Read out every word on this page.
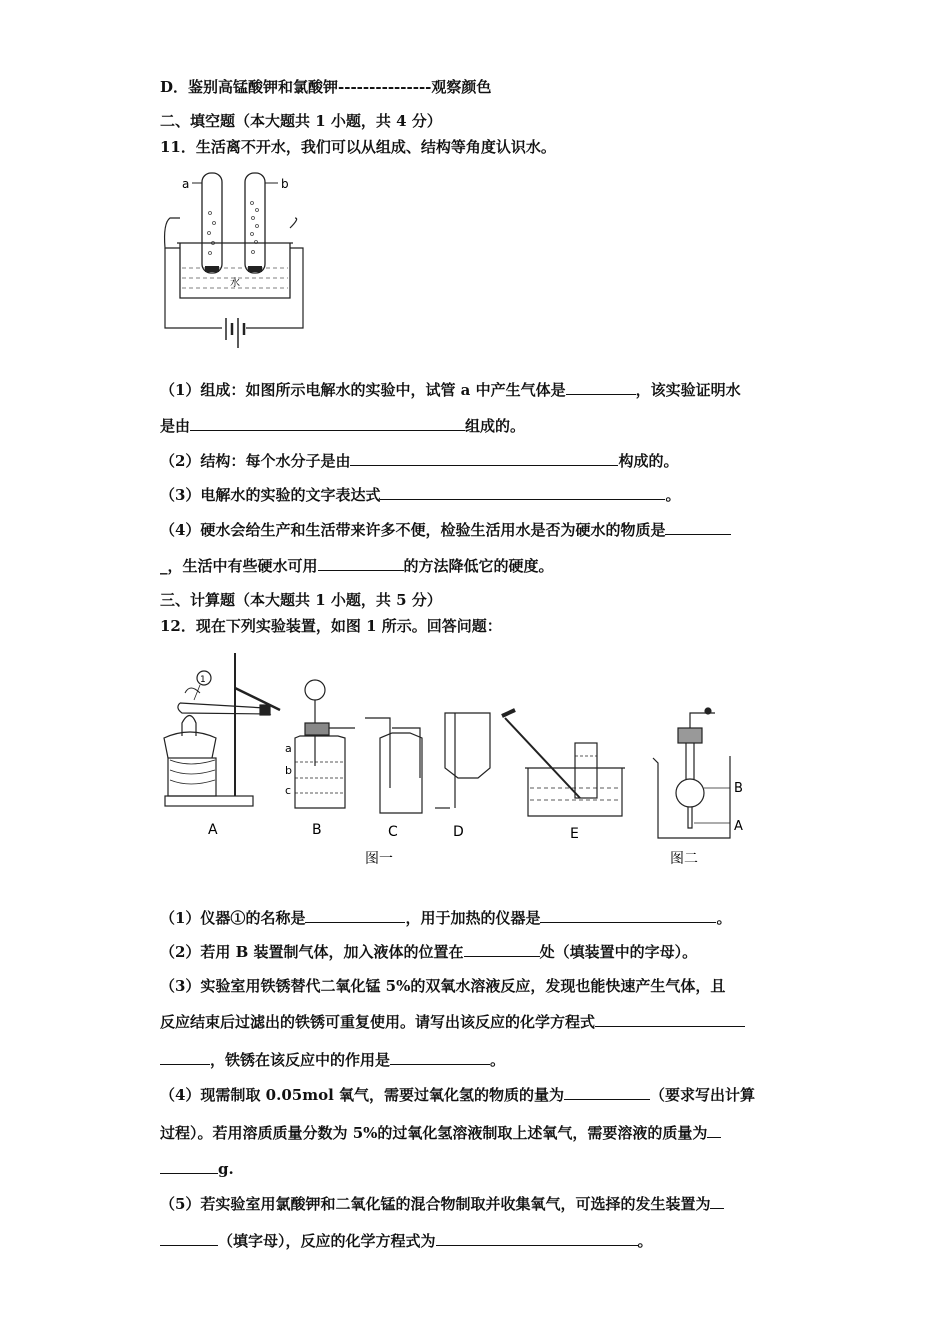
D．鉴别高锰酸钾和氯酸钾---------------观察颜色
二、填空题（本大题共 1 小题，共 4 分）
11．生活离不开水，我们可以从组成、结构等角度认识水。
水
a	b
（1）组成：如图所示电解水的实验中，试管 a 中产生气体是	，该实验证明水
是由	组成的。
（2）结构：每个水分子是由	构成的。
（3）电解水的实验的文字表达式	。
（4）硬水会给生产和生活带来许多不便，检验生活用水是否为硬水的物质是
_，生活中有些硬水可用	的方法降低它的硬度。
三、计算题（本大题共 1 小题，共 5 分）
12．现在下列实验装置，如图 1 所示。回答问题：
1
A
a
b
c
B	C	D	E
B
A
图一	图二
（1）仪器①的名称是	，用于加热的仪器是	。
（2）若用 B 装置制气体，加入液体的位置在	处（填装置中的字母）。
（3）实验室用铁锈替代二氧化锰 5%的双氧水溶液反应，发现也能快速产生气体，且
反应结束后过滤出的铁锈可重复使用。请写出该反应的化学方程式
，铁锈在该反应中的作用是	。
（4）现需制取 0.05mol 氧气，需要过氧化氢的物质的量为	（要求写出计算
过程）。若用溶质质量分数为 5%的过氧化氢溶液制取上述氧气，需要溶液的质量为
g.
（5）若实验室用氯酸钾和二氧化锰的混合物制取并收集氧气，可选择的发生装置为
（填字母），反应的化学方程式为	。
